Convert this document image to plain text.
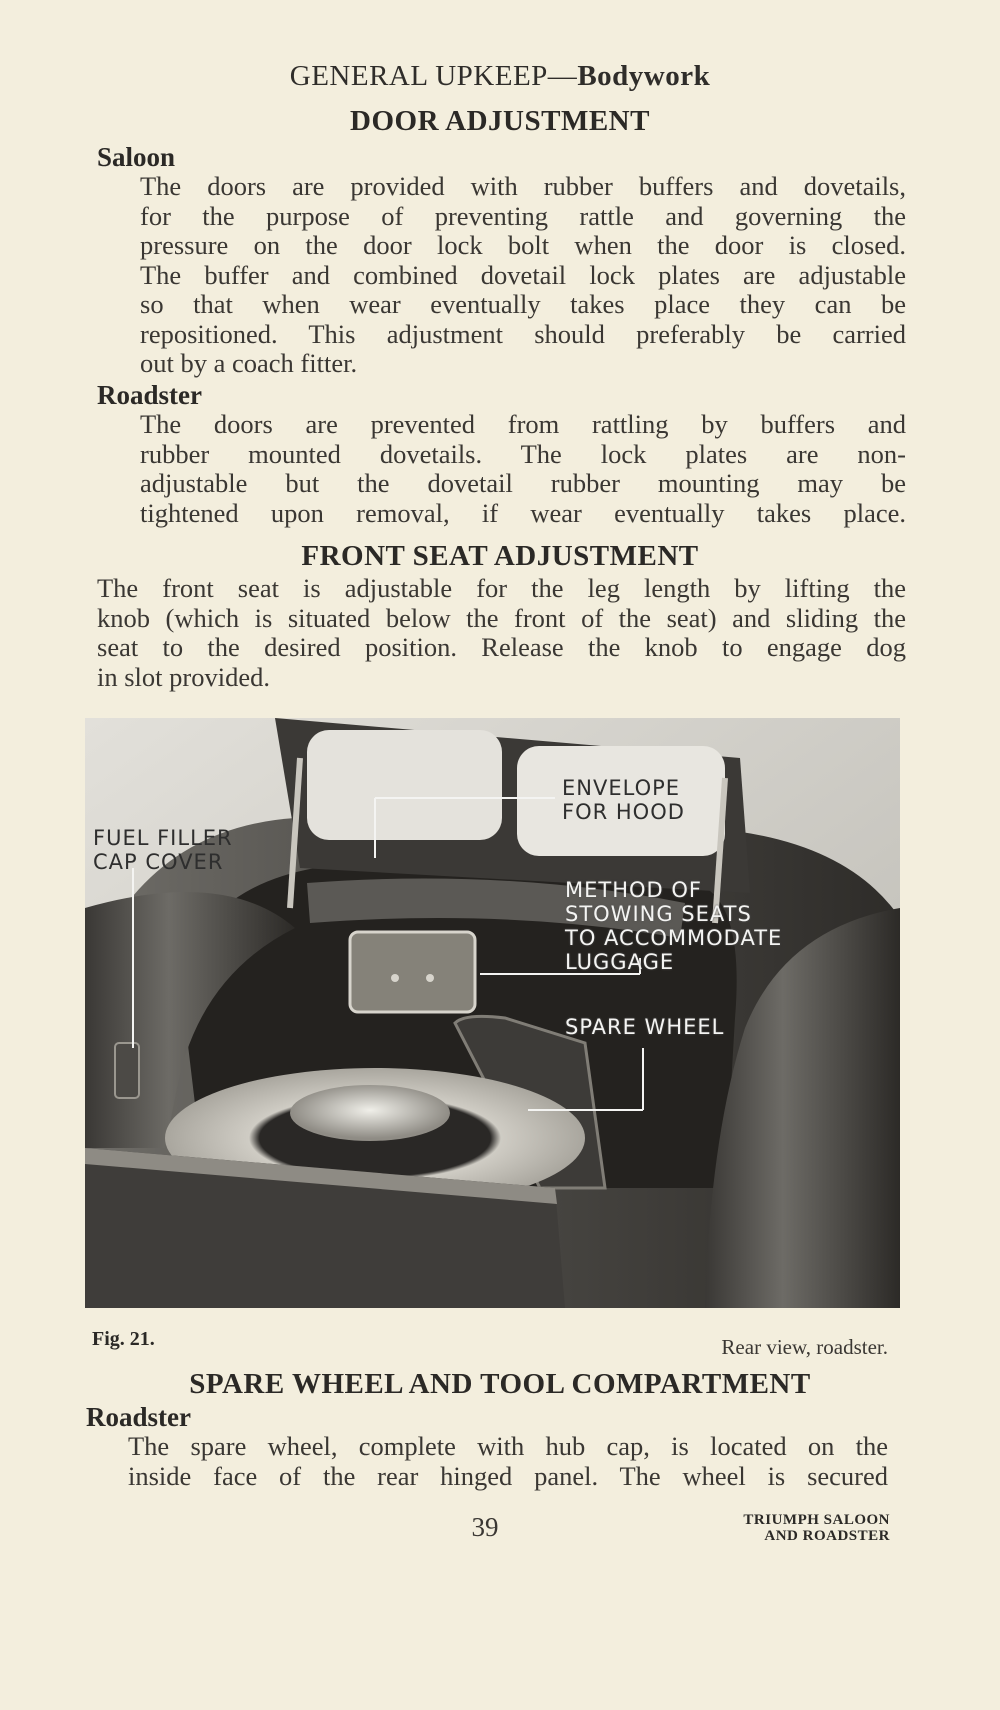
GENERAL UPKEEP—Bodywork
DOOR ADJUSTMENT
Saloon
The doors are provided with rubber buffers and dovetails,
for the purpose of preventing rattle and governing the
pressure on the door lock bolt when the door is closed.
The buffer and combined dovetail lock plates are adjustable
so that when wear eventually takes place they can be
repositioned. This adjustment should preferably be carried
out by a coach fitter.
Roadster
The doors are prevented from rattling by buffers and
rubber mounted dovetails. The lock plates are non-
adjustable but the dovetail rubber mounting may be
tightened upon removal, if wear eventually takes place.
FRONT SEAT ADJUSTMENT
The front seat is adjustable for the leg length by lifting the
knob (which is situated below the front of the seat) and sliding the
seat to the desired position. Release the knob to engage dog
in slot provided.
FUEL FILLER
CAP COVER
ENVELOPE
FOR HOOD
METHOD OF
STOWING SEATS
TO ACCOMMODATE
LUGGAGE
SPARE WHEEL
Fig. 21.	Rear view, roadster.
SPARE WHEEL AND TOOL COMPARTMENT
Roadster
The spare wheel, complete with hub cap, is located on the
inside face of the rear hinged panel. The wheel is secured
39	TRIUMPH SALOON
AND ROADSTER
